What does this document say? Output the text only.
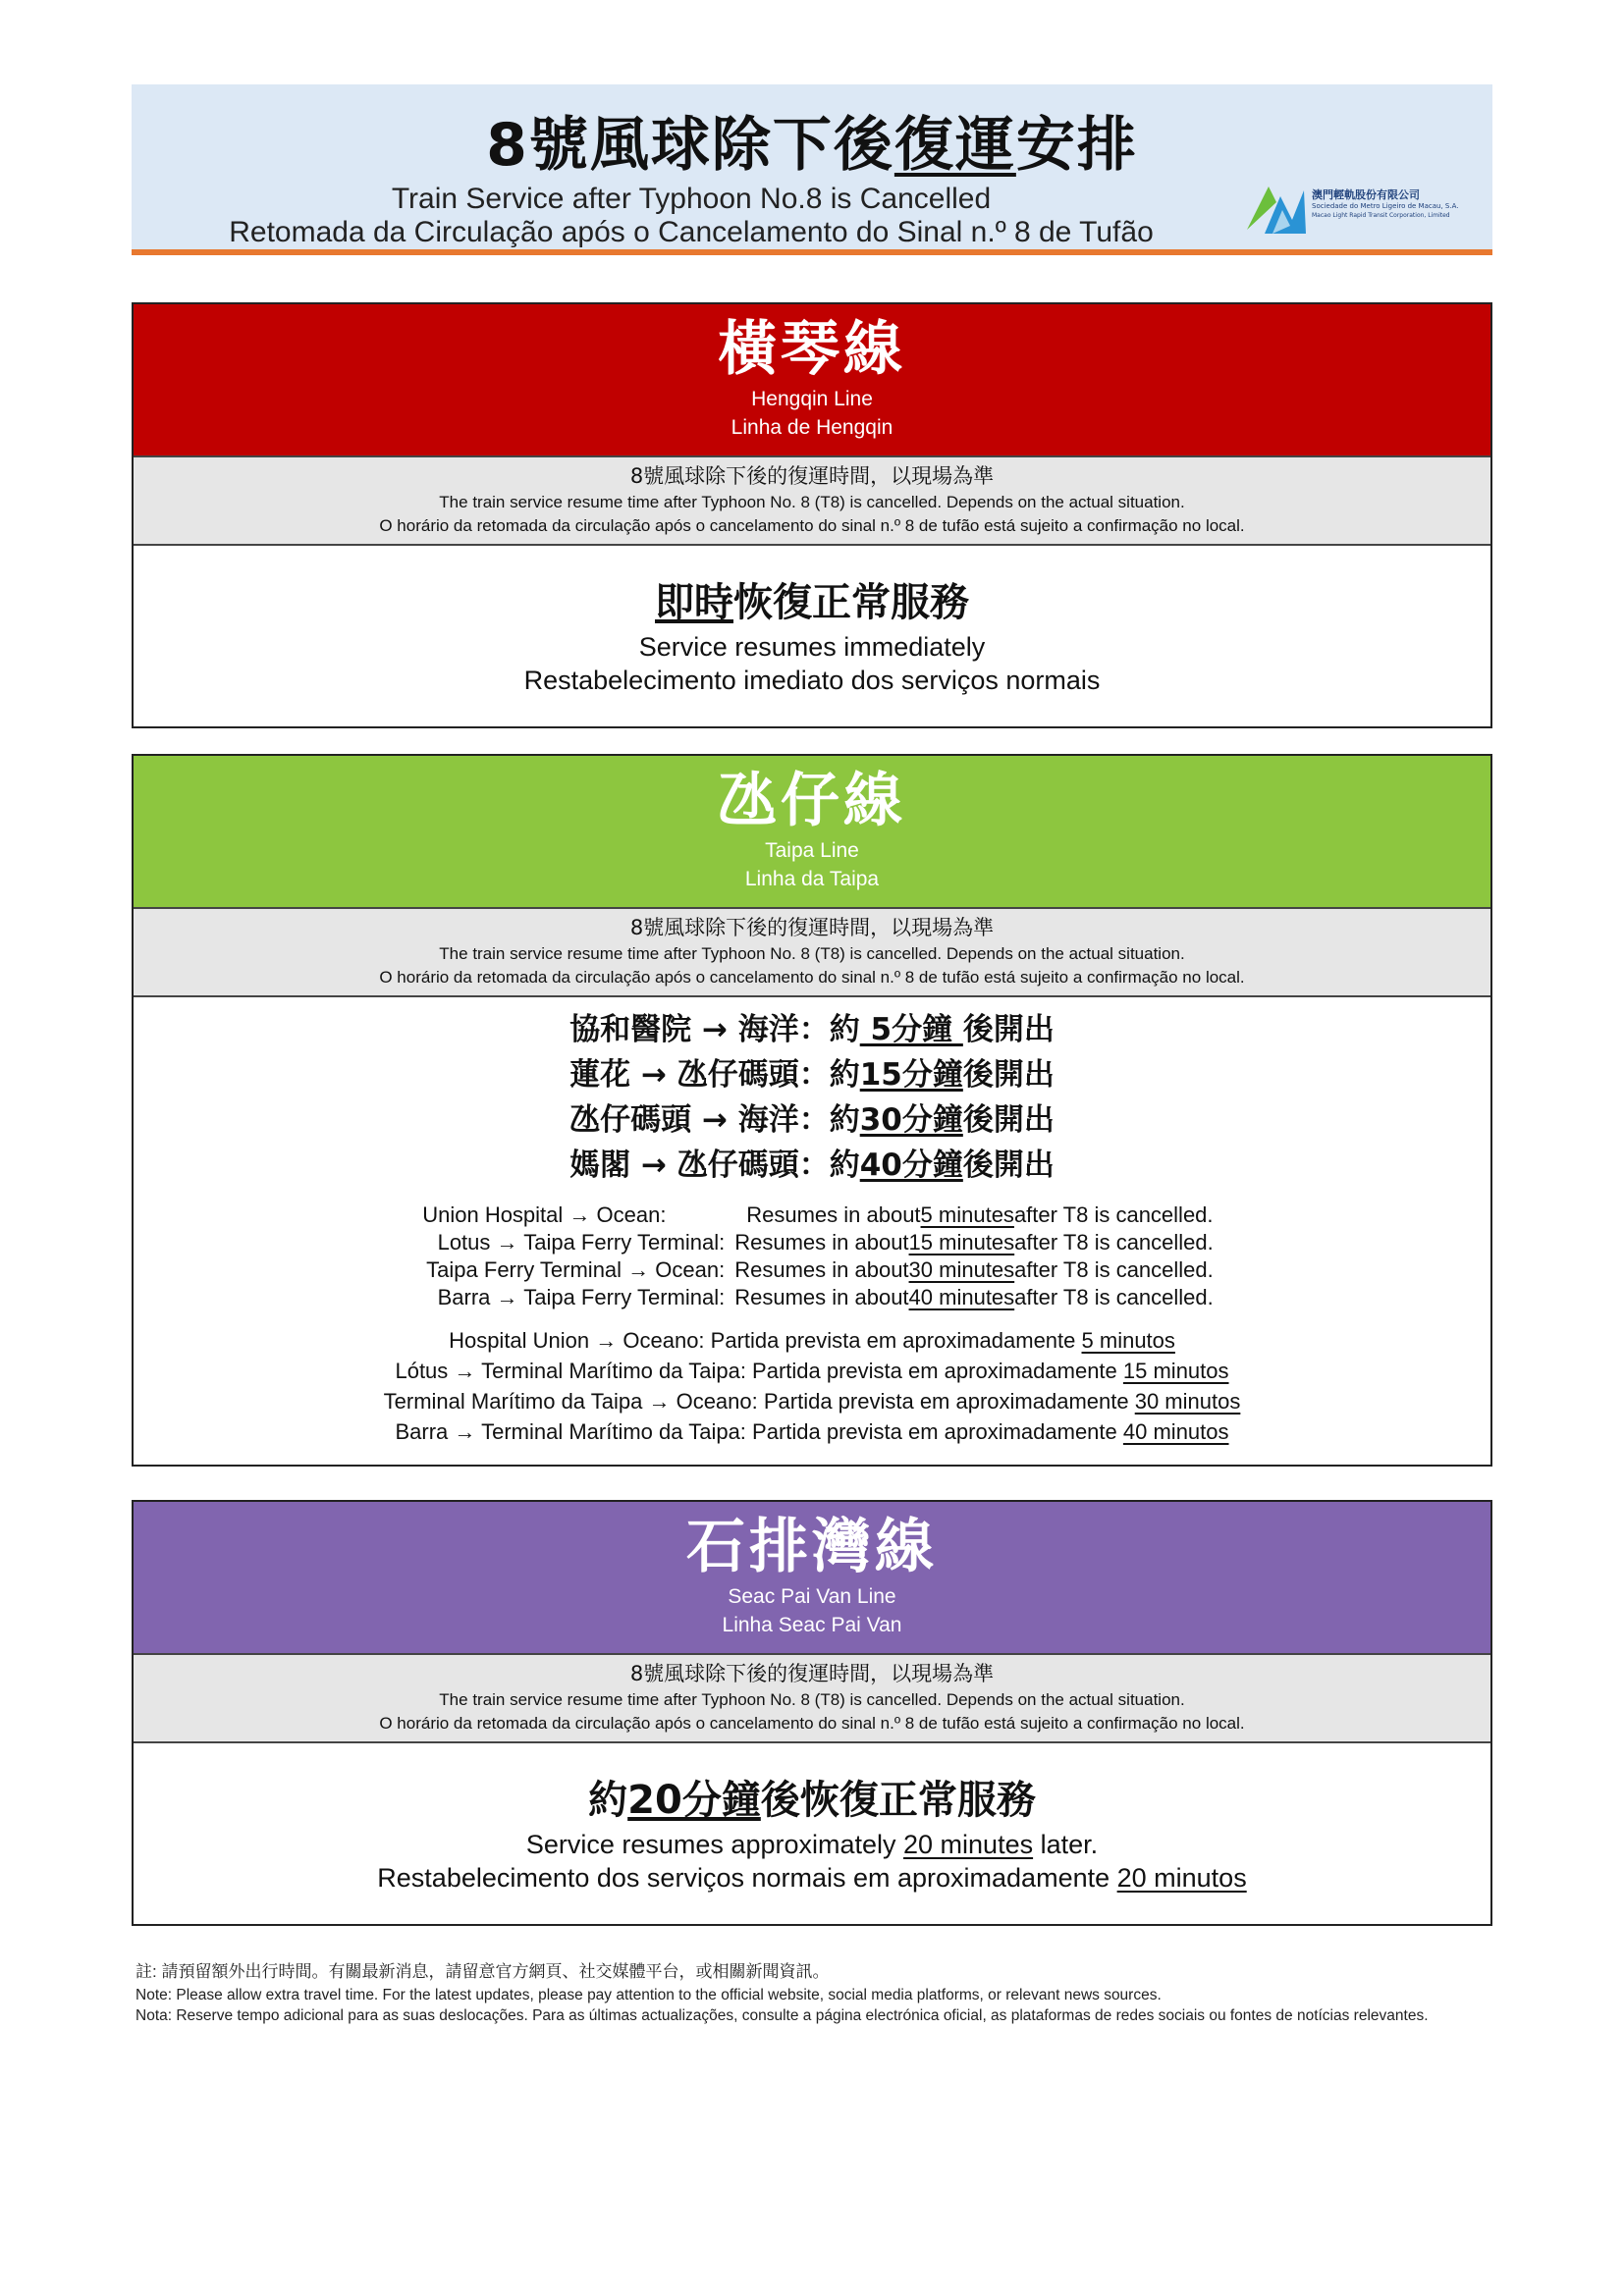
8號風球除下後復運安排
Train Service after Typhoon No.8 is Cancelled
Retomada da Circulação após o Cancelamento do Sinal n.º 8 de Tufão
澳門輕軌股份有限公司
Sociedade do Metro Ligeiro de Macau, S.A.
Macao Light Rapid Transit Corporation, Limited
橫琴線
Hengqin Line
Linha de Hengqin
8號風球除下後的復運時間，以現場為準
The train service resume time after Typhoon No. 8 (T8) is cancelled. Depends on the actual situation.
O horário da retomada da circulação após o cancelamento do sinal n.º 8 de tufão está sujeito a confirmação no local.
即時恢復正常服務
Service resumes immediately
Restabelecimento imediato dos serviços normais
氹仔線
Taipa Line
Linha da Taipa
8號風球除下後的復運時間，以現場為準
The train service resume time after Typhoon No. 8 (T8) is cancelled. Depends on the actual situation.
O horário da retomada da circulação após o cancelamento do sinal n.º 8 de tufão está sujeito a confirmação no local.
協和醫院 → 海洋：約 5分鐘 後開出
蓮花 → 氹仔碼頭：約15分鐘後開出
氹仔碼頭 → 海洋：約30分鐘後開出
媽閣 → 氹仔碼頭：約40分鐘後開出
Union Hospital → Ocean:	Resumes in about 5 minutes after T8 is cancelled.
Lotus → Taipa Ferry Terminal: Resumes in about 15 minutes after T8 is cancelled.
Taipa Ferry Terminal → Ocean: Resumes in about 30 minutes after T8 is cancelled.
Barra → Taipa Ferry Terminal: Resumes in about 40 minutes after T8 is cancelled.
Hospital Union → Oceano: Partida prevista em aproximadamente 5 minutos
Lótus → Terminal Marítimo da Taipa: Partida prevista em aproximadamente 15 minutos
Terminal Marítimo da Taipa → Oceano: Partida prevista em aproximadamente 30 minutos
Barra → Terminal Marítimo da Taipa: Partida prevista em aproximadamente 40 minutos
石排灣線
Seac Pai Van Line
Linha Seac Pai Van
8號風球除下後的復運時間，以現場為準
The train service resume time after Typhoon No. 8 (T8) is cancelled. Depends on the actual situation.
O horário da retomada da circulação após o cancelamento do sinal n.º 8 de tufão está sujeito a confirmação no local.
約20分鐘後恢復正常服務
Service resumes approximately 20 minutes later.
Restabelecimento dos serviços normais em aproximadamente 20 minutos
註: 請預留額外出行時間。有關最新消息，請留意官方網頁、社交媒體平台，或相關新聞資訊。
Note: Please allow extra travel time. For the latest updates, please pay attention to the official website, social media platforms, or relevant news sources.
Nota: Reserve tempo adicional para as suas deslocações. Para as últimas actualizações, consulte a página electrónica oficial, as plataformas de redes sociais ou fontes de notícias relevantes.
